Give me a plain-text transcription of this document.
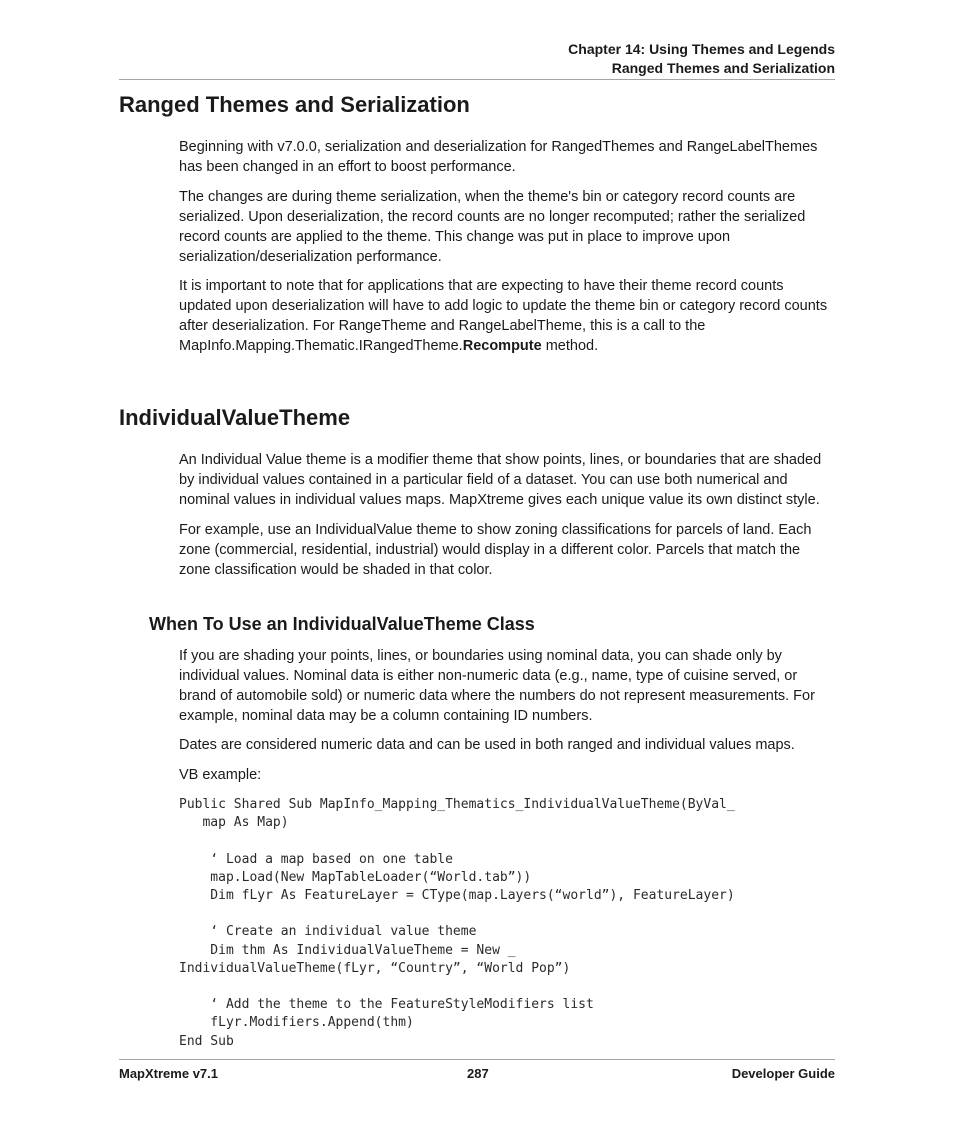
Chapter 14: Using Themes and Legends
Ranged Themes and Serialization
Ranged Themes and Serialization

Beginning with v7.0.0, serialization and deserialization for RangedThemes and RangeLabelThemes has been changed in an effort to boost performance.

The changes are during theme serialization, when the theme's bin or category record counts are serialized. Upon deserialization, the record counts are no longer recomputed; rather the serialized record counts are applied to the theme. This change was put in place to improve upon serialization/deserialization performance.

It is important to note that for applications that are expecting to have their theme record counts updated upon deserialization will have to add logic to update the theme bin or category record counts after deserialization. For RangeTheme and RangeLabelTheme, this is a call to the MapInfo.Mapping.Thematic.IRangedTheme.Recompute method.

IndividualValueTheme

An Individual Value theme is a modifier theme that show points, lines, or boundaries that are shaded by individual values contained in a particular field of a dataset. You can use both numerical and nominal values in individual values maps. MapXtreme gives each unique value its own distinct style.

For example, use an IndividualValue theme to show zoning classifications for parcels of land. Each zone (commercial, residential, industrial) would display in a different color. Parcels that match the zone classification would be shaded in that color.

When To Use an IndividualValueTheme Class

If you are shading your points, lines, or boundaries using nominal data, you can shade only by individual values. Nominal data is either non-numeric data (e.g., name, type of cuisine served, or brand of automobile sold) or numeric data where the numbers do not represent measurements. For example, nominal data may be a column containing ID numbers.

Dates are considered numeric data and can be used in both ranged and individual values maps.

VB example:

Public Shared Sub MapInfo_Mapping_Thematics_IndividualValueTheme(ByVal_
map As Map)

‘ Load a map based on one table
map.Load(New MapTableLoader(“World.tab”))
Dim fLyr As FeatureLayer = CType(map.Layers(“world”), FeatureLayer)

‘ Create an individual value theme
Dim thm As IndividualValueTheme = New _
IndividualValueTheme(fLyr, “Country”, “World Pop”)

‘ Add the theme to the FeatureStyleModifiers list
fLyr.Modifiers.Append(thm)
End Sub
MapXtreme v7.1	287	Developer Guide
